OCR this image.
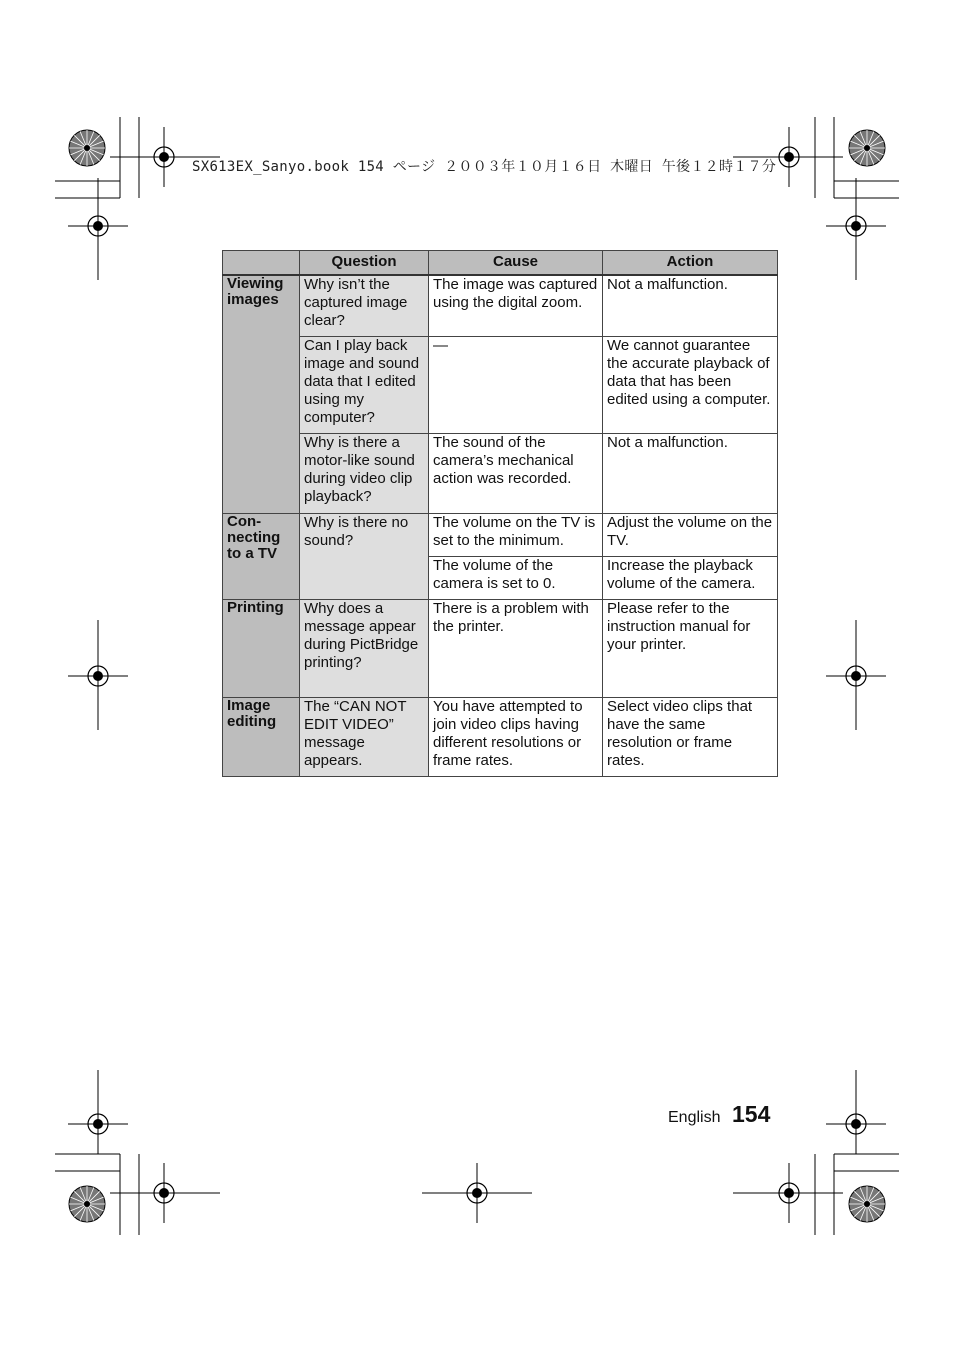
SX613EX_Sanyo.book 154 ページ ２００３年１０月１６日 木曜日 午後１２時１７分
	Question	Cause	Action
Viewing images	Why isn’t the captured image clear?	The image was captured using the digital zoom.	Not a malfunction.
	Can I play back image and sound data that I edited using my computer?	—	We cannot guarantee the accurate playback of data that has been edited using a computer.
	Why is there a motor-like sound during video clip playback?	The sound of the camera’s mechanical action was recorded.	Not a malfunction.
Con-necting to a TV	Why is there no sound?	The volume on the TV is set to the minimum.	Adjust the volume on the TV.
		The volume of the camera is set to 0.	Increase the playback volume of the camera.
Printing	Why does a message appear during PictBridge printing?	There is a problem with the printer.	Please refer to the instruction manual for your printer.
Image editing	The “CAN NOT EDIT VIDEO” message appears.	You have attempted to join video clips having different resolutions or frame rates.	Select video clips that have the same resolution or frame rates.
English 154
